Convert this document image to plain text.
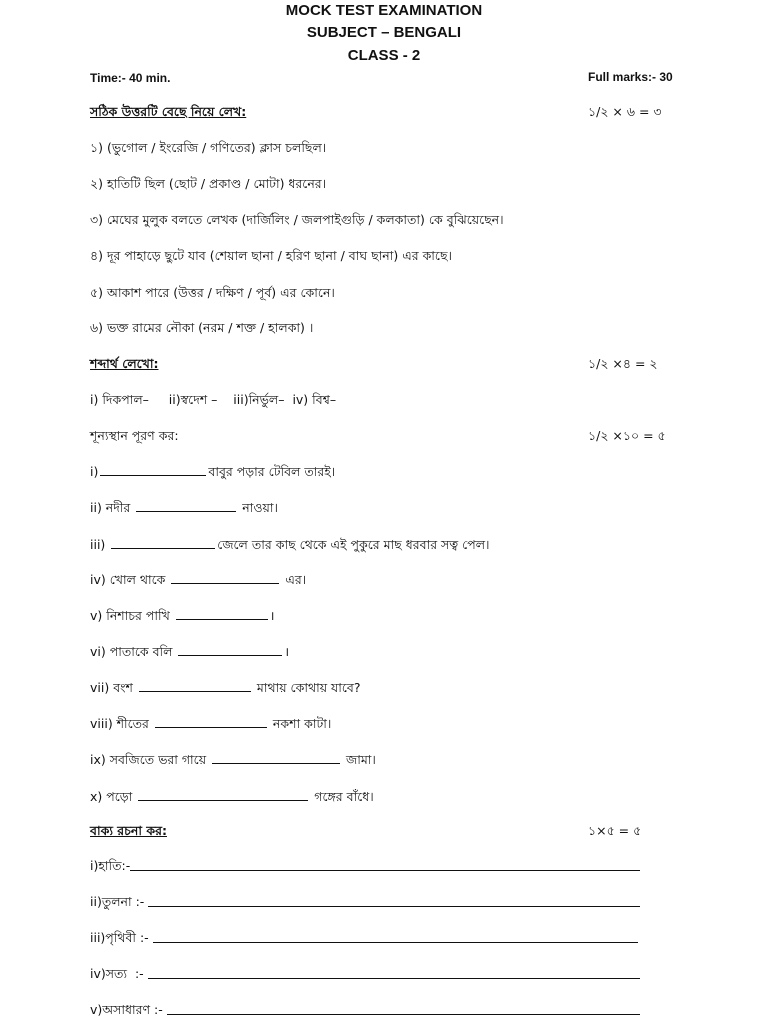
MOCK TEST EXAMINATION
SUBJECT – BENGALI
CLASS - 2
Time:- 40 min.	Full marks:- 30
সঠিক উত্তরটি বেছে নিয়ে লেখ:	১/২ × ৬ = ৩
১) (ভুগোল / ইংরেজি / গণিতের) ক্লাস চলছিল।
২) হাতিটি ছিল (ছোট / প্রকাণ্ড / মোটা) ধরনের।
৩) মেঘের মুলুক বলতে লেখক (দার্জিলিং / জলপাইগুড়ি / কলকাতা) কে বুঝিয়েছেন।
৪) দূর পাহাড়ে ছুটে যাব (শেয়াল ছানা / হরিণ ছানা / বাঘ ছানা) এর কাছে।
৫) আকাশ পারে (উত্তর / দক্ষিণ / পূর্ব) এর কোনে।
৬) ভক্ত রামের নৌকা (নরম / শক্ত / হালকা) ।
শব্দার্থ লেখো:	১/২ ×৪ = ২
i) দিকপাল–     ii)স্বদেশ –    iii)নির্ভুল–  iv) বিশ্ব–
শূন্যস্থান পূরণ কর:	১/২ ×১০ = ৫
i)	বাবুর পড়ার টেবিল তারই।
ii) নদীর	নাওয়া।
iii)	জেলে তার কাছ থেকে এই পুকুরে মাছ ধরবার সত্ব পেল।
iv) খোল থাকে	এর।
v) নিশাচর পাখি	।
vi) পাতাকে বলি	।
vii) বংশ	মাথায় কোথায় যাবে?
viii) শীতের	নকশা কাটা।
ix) সবজিতে ভরা গায়ে	জামা।
x) পড়ো	গঙ্গের বাঁধে।
বাক্য রচনা কর:	১×৫ = ৫
i)হাতি:-
ii)তুলনা :-
iii)পৃথিবী :-
iv)সত্য  :-
v)অসাধারণ :-
